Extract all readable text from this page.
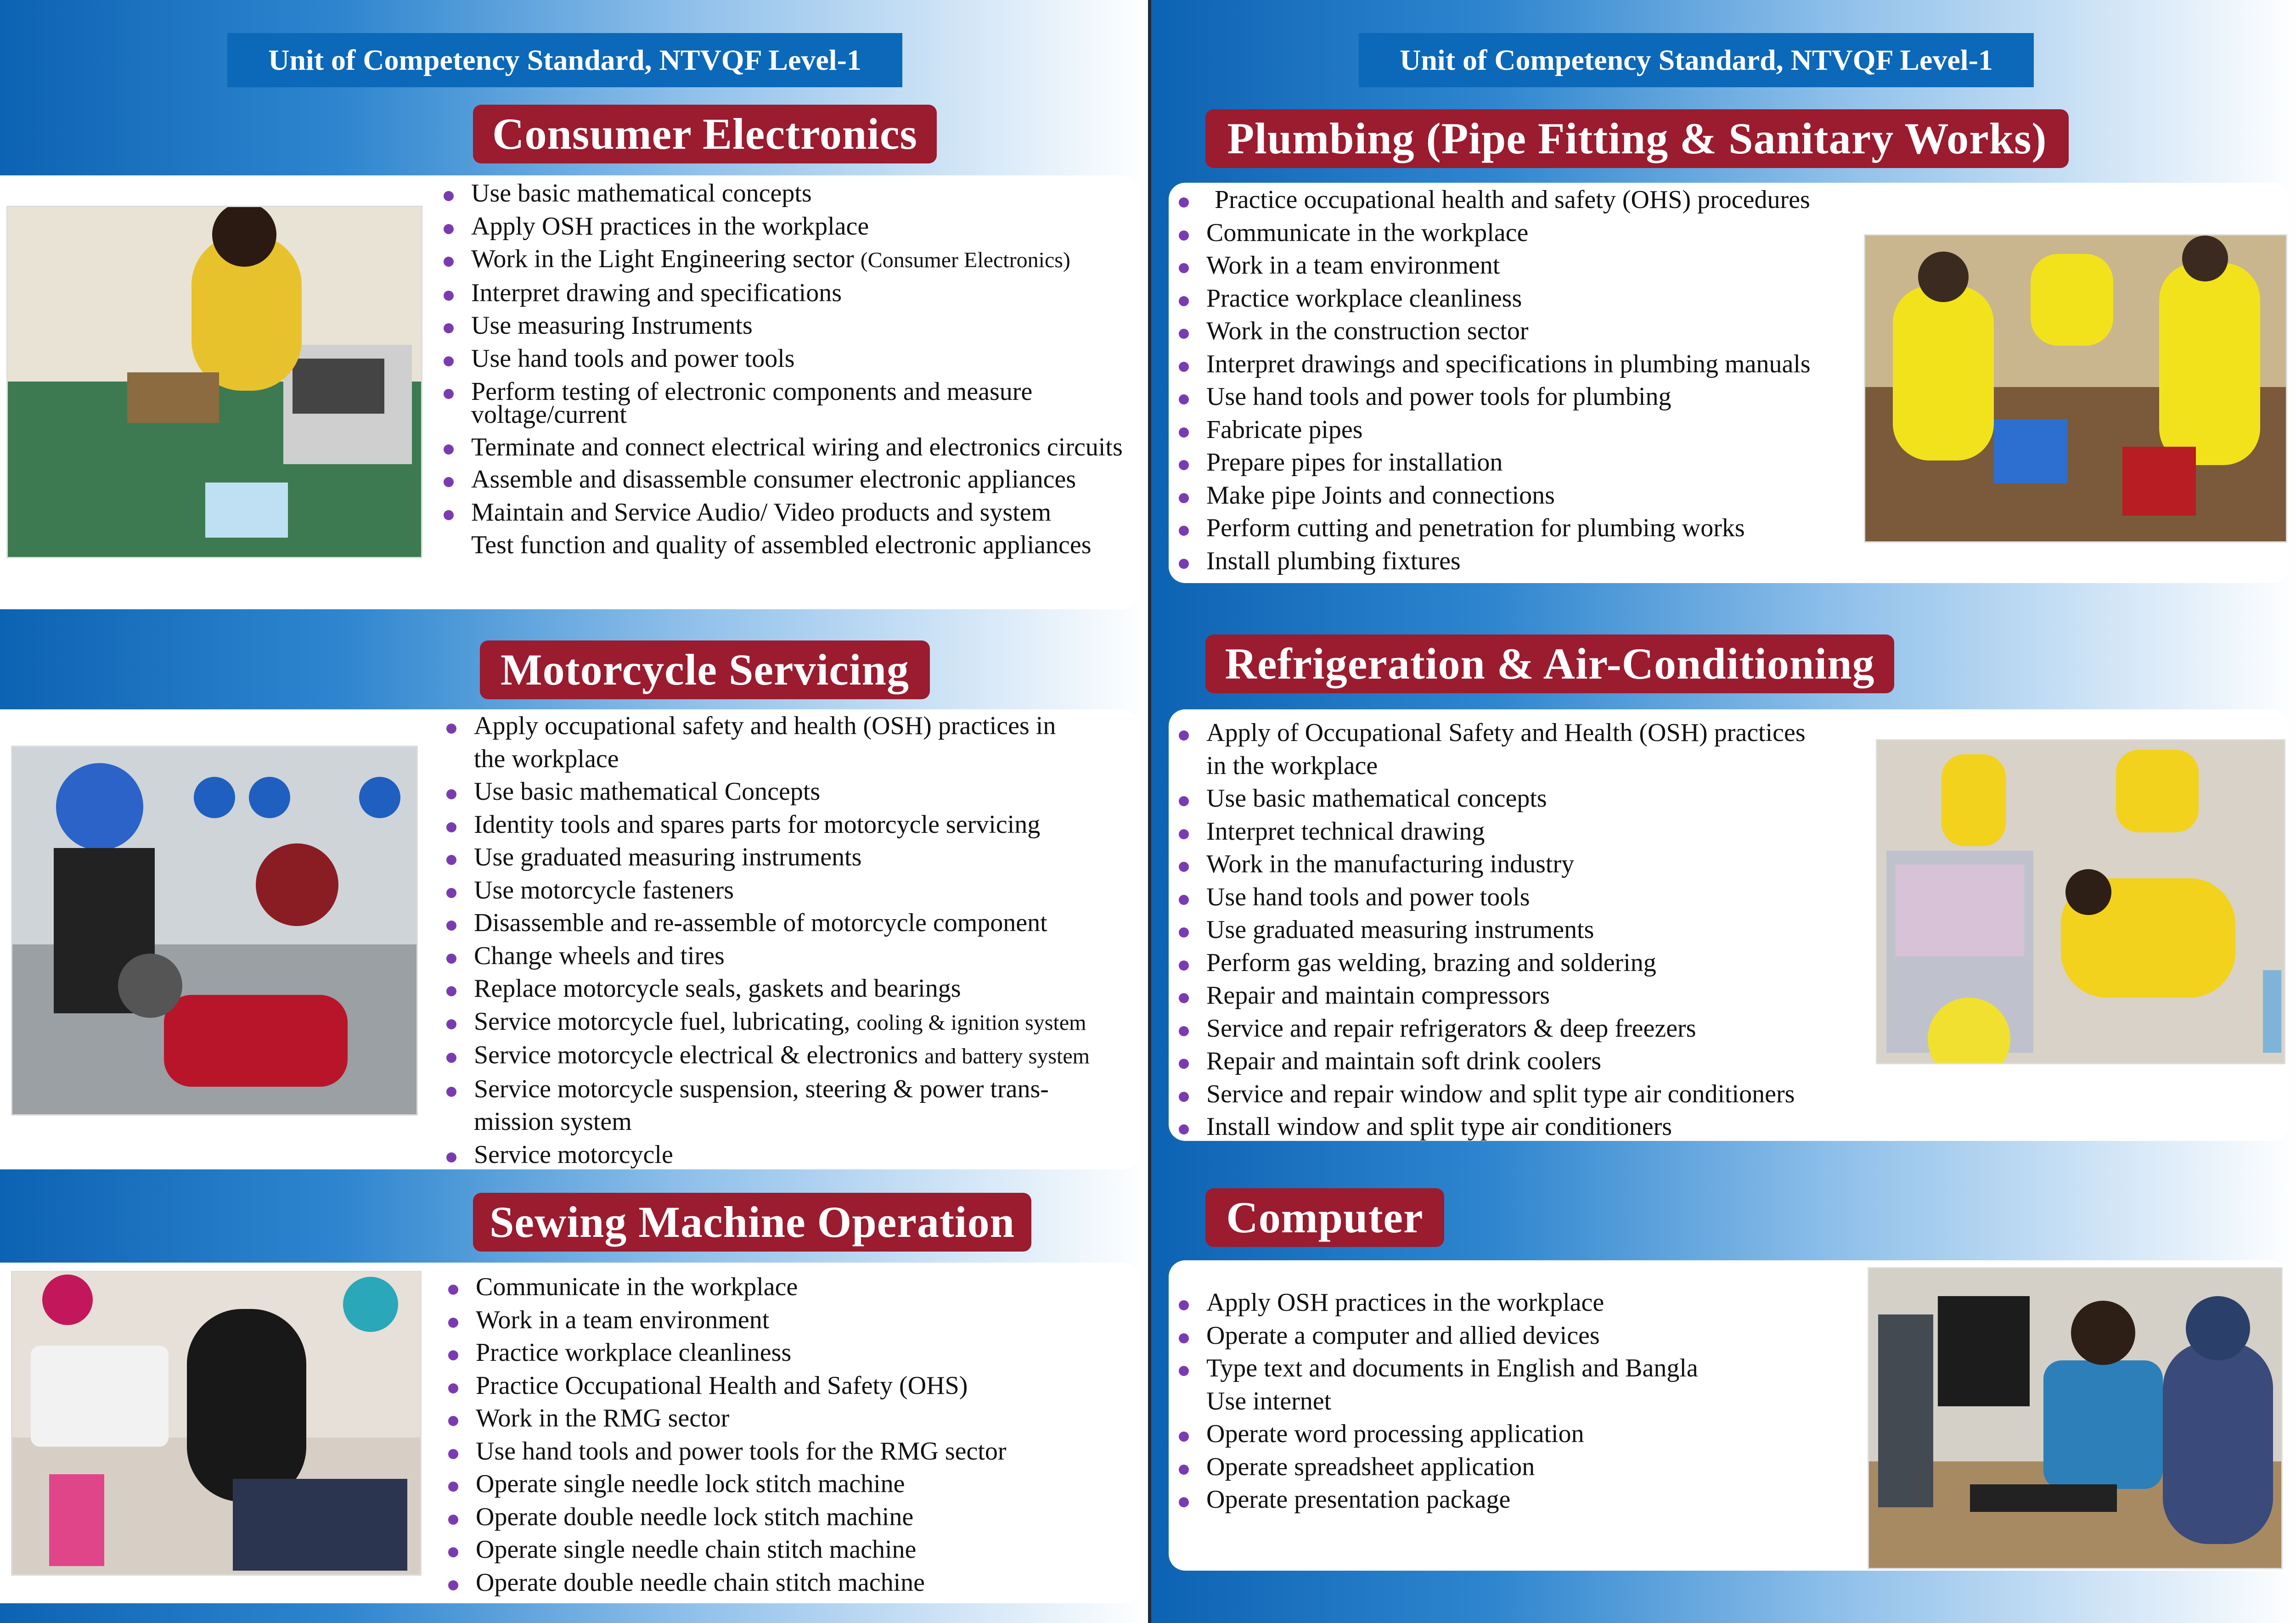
Unit of Competency Standard, NTVQF Level-1
Consumer Electronics
Use basic mathematical concepts
Apply OSH practices in the workplace
Work in the Light Engineering sector (Consumer Electronics)
Interpret drawing and specifications
Use measuring Instruments
Use hand tools and power tools
Perform testing of electronic components and measure voltage/current
Terminate and connect electrical wiring and electronics circuits
Assemble and disassemble consumer electronic appliances
Maintain and Service Audio/ Video products and system
Test function and quality of assembled electronic appliances
Motorcycle Servicing
Apply occupational safety and health (OSH) practices in
the workplace
Use basic mathematical Concepts
Identity tools and spares parts for motorcycle servicing
Use graduated measuring instruments
Use motorcycle fasteners
Disassemble and re-assemble of motorcycle component
Change wheels and tires
Replace motorcycle seals, gaskets and bearings
Service motorcycle fuel, lubricating, cooling & ignition system
Service motorcycle electrical & electronics and battery system
Service motorcycle suspension, steering & power trans-
mission system
Service motorcycle
Sewing Machine Operation
Communicate in the workplace
Work in a team environment
Practice workplace cleanliness
Practice Occupational Health and Safety (OHS)
Work in the RMG sector
Use hand tools and power tools for the RMG sector
Operate single needle lock stitch machine
Operate double needle lock stitch machine
Operate single needle chain stitch machine
Operate double needle chain stitch machine
Unit of Competency Standard, NTVQF Level-1
Plumbing (Pipe Fitting & Sanitary Works)
Practice occupational health and safety (OHS) procedures
Communicate in the workplace
Work in a team environment
Practice workplace cleanliness
Work in the construction sector
Interpret drawings and specifications in plumbing manuals
Use hand tools and power tools for plumbing
Fabricate pipes
Prepare pipes for installation
Make pipe Joints and connections
Perform cutting and penetration for plumbing works
Install plumbing fixtures
Refrigeration & Air-Conditioning
Apply of Occupational Safety and Health (OSH) practices
in the workplace
Use basic mathematical concepts
Interpret technical drawing
Work in the manufacturing industry
Use hand tools and power tools
Use graduated measuring instruments
Perform gas welding, brazing and soldering
Repair and maintain compressors
Service and repair refrigerators & deep freezers
Repair and maintain soft drink coolers
Service and repair window and split type air conditioners
Install window and split type air conditioners
Computer
Apply OSH practices in the workplace
Operate a computer and allied devices
Type text and documents in English and Bangla
Use internet
Operate word processing application
Operate spreadsheet application
Operate presentation package
